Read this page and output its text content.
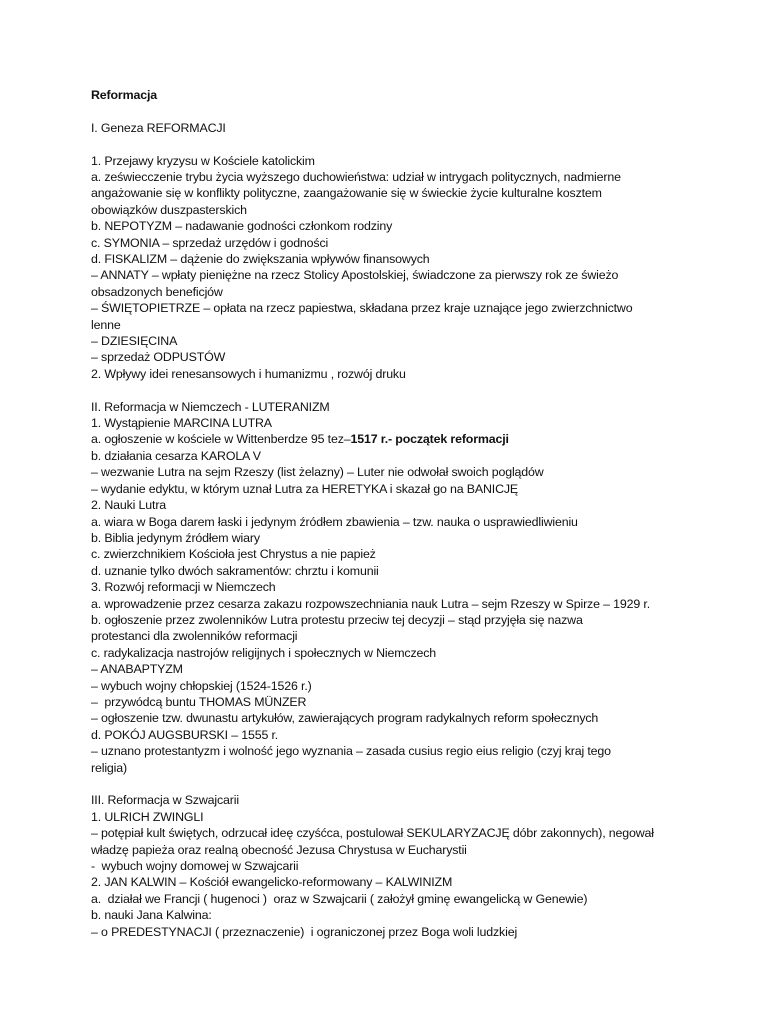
Reformacja
I. Geneza REFORMACJI
1. Przejawy kryzysu w Kościele katolickim
a. zeświecczenie trybu życia wyższego duchowieństwa: udział w intrygach politycznych, nadmierne
angażowanie się w konflikty polityczne, zaangażowanie się w świeckie życie kulturalne kosztem
obowiązków duszpasterskich
b. NEPOTYZM – nadawanie godności członkom rodziny
c. SYMONIA – sprzedaż urzędów i godności
d. FISKALIZM – dążenie do zwiększania wpływów finansowych
– ANNATY – wpłaty pieniężne na rzecz Stolicy Apostolskiej, świadczone za pierwszy rok ze świeżo
obsadzonych beneficjów
– ŚWIĘTOPIETRZE – opłata na rzecz papiestwa, składana przez kraje uznające jego zwierzchnictwo
lenne
– DZIESIĘCINA
– sprzedaż ODPUSTÓW
2. Wpływy idei renesansowych i humanizmu , rozwój druku
II. Reformacja w Niemczech - LUTERANIZM
1. Wystąpienie MARCINA LUTRA
a. ogłoszenie w kościele w Wittenberdze 95 tez–1517 r.- początek reformacji
b. działania cesarza KAROLA V
– wezwanie Lutra na sejm Rzeszy (list żelazny) – Luter nie odwołał swoich poglądów
– wydanie edyktu, w którym uznał Lutra za HERETYKA i skazał go na BANICJĘ
2. Nauki Lutra
a. wiara w Boga darem łaski i jedynym źródłem zbawienia – tzw. nauka o usprawiedliwieniu
b. Biblia jedynym źródłem wiary
c. zwierzchnikiem Kościoła jest Chrystus a nie papież
d. uznanie tylko dwóch sakramentów: chrztu i komunii
3. Rozwój reformacji w Niemczech
a. wprowadzenie przez cesarza zakazu rozpowszechniania nauk Lutra – sejm Rzeszy w Spirze – 1929 r.
b. ogłoszenie przez zwolenników Lutra protestu przeciw tej decyzji – stąd przyjęła się nazwa
protestanci dla zwolenników reformacji
c. radykalizacja nastrojów religijnych i społecznych w Niemczech
– ANABAPTYZM
– wybuch wojny chłopskiej (1524-1526 r.)
–  przywódcą buntu THOMAS MÜNZER
– ogłoszenie tzw. dwunastu artykułów, zawierających program radykalnych reform społecznych
d. POKÓJ AUGSBURSKI – 1555 r.
– uznano protestantyzm i wolność jego wyznania – zasada cusius regio eius religio (czyj kraj tego
religia)
III. Reformacja w Szwajcarii
1. ULRICH ZWINGLI
– potępiał kult świętych, odrzucał ideę czyśćca, postulował SEKULARYZACJĘ dóbr zakonnych), negował
władzę papieża oraz realną obecność Jezusa Chrystusa w Eucharystii
-  wybuch wojny domowej w Szwajcarii
2. JAN KALWIN – Kościół ewangelicko-reformowany – KALWINIZM
a.  działał we Francji ( hugenoci )  oraz w Szwajcarii ( założył gminę ewangelicką w Genewie)
b. nauki Jana Kalwina:
– o PREDESTYNACJI ( przeznaczenie)  i ograniczonej przez Boga woli ludzkiej
